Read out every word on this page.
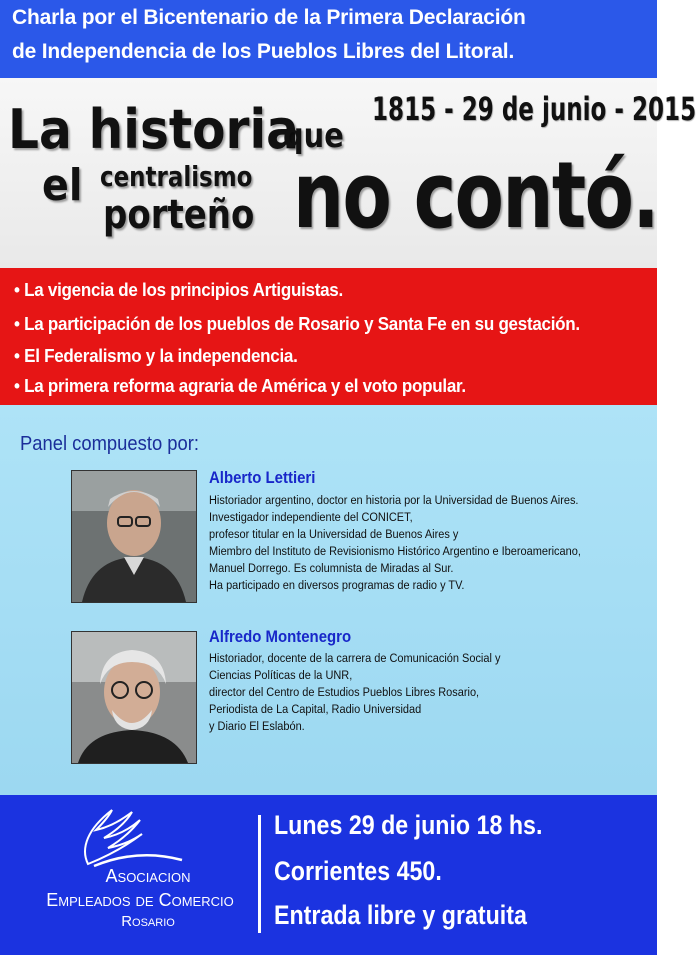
Charla por el Bicentenario de la Primera Declaración
de Independencia de los Pueblos Libres del Litoral.
La historia
que
el centralismo
porteño no contó.
1815 - 29 de junio - 2015
• La vigencia de los principios Artiguistas.
• La participación de los pueblos de Rosario y Santa Fe en su gestación.
• El Federalismo y la independencia.
• La primera reforma agraria de América y el voto popular.
Panel compuesto por:
Alberto Lettieri
Historiador argentino, doctor en historia por la Universidad de Buenos Aires.
Investigador independiente del CONICET,
profesor titular en la Universidad de Buenos Aires y
Miembro del Instituto de Revisionismo Histórico Argentino e Iberoamericano,
Manuel Dorrego. Es columnista de Miradas al Sur.
Ha participado en diversos programas de radio y TV.
Alfredo Montenegro
Historiador, docente de la carrera de Comunicación Social y
Ciencias Políticas de la UNR,
director del Centro de Estudios Pueblos Libres Rosario,
Periodista de La Capital, Radio Universidad
y Diario El Eslabón.
Asociacion
Empleados de Comercio
Rosario
Lunes 29 de junio 18 hs.
Corrientes 450.
Entrada libre y gratuita
